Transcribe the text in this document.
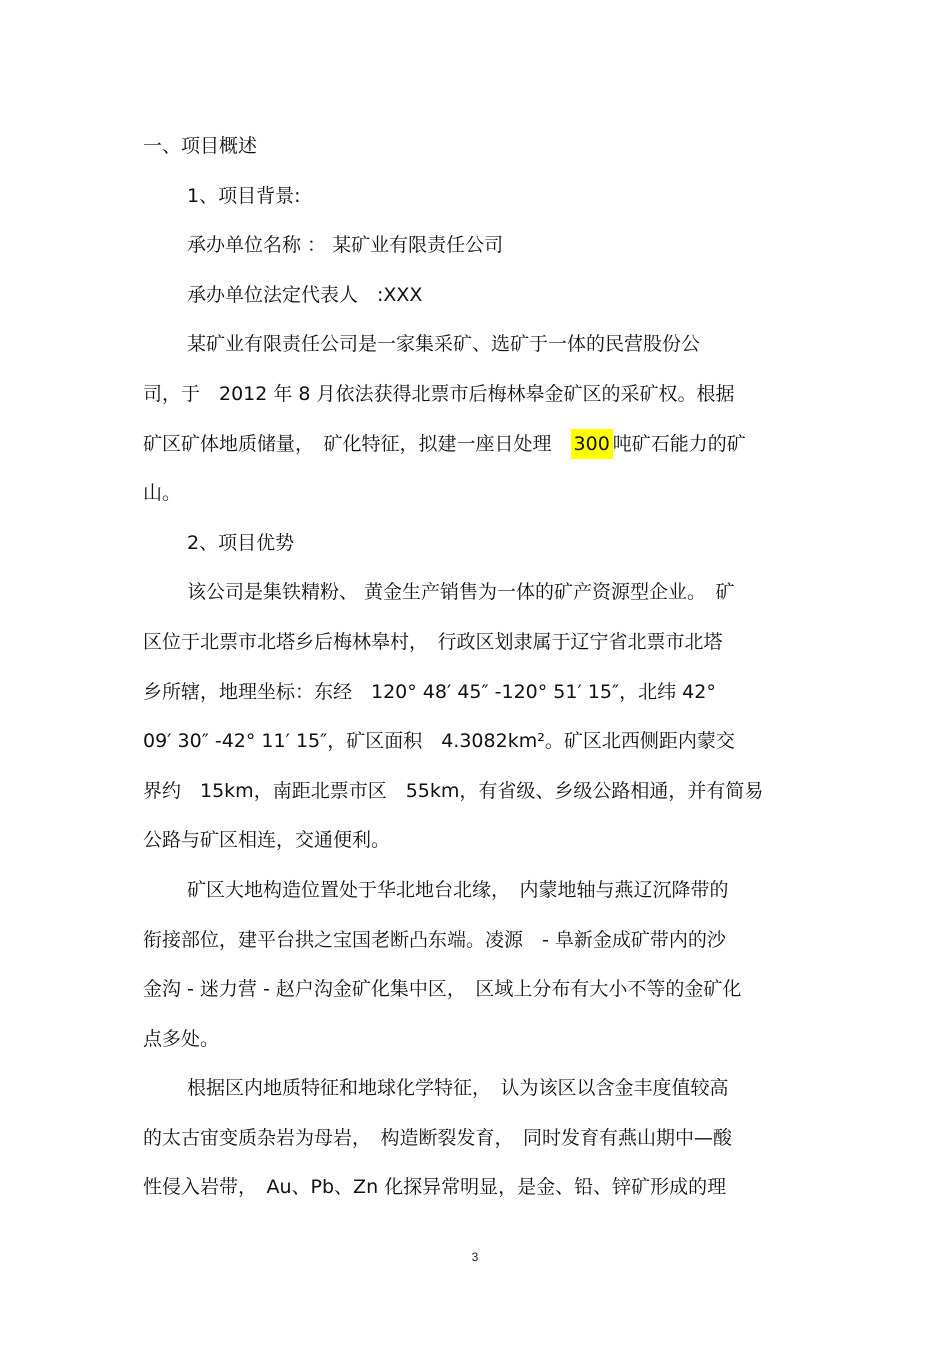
一、项目概述
1、项目背景:
承办单位名称 ： 某矿业有限责任公司
承办单位法定代表人　:XXX
某矿业有限责任公司是一家集采矿、选矿于一体的民营股份公
司，于　2012 年 8 月依法获得北票市后梅林皋金矿区的采矿权。根据
矿区矿体地质储量，　矿化特征，拟建一座日处理　300 吨矿石能力的矿
山。
2、项目优势
该公司是集铁精粉、 黄金生产销售为一体的矿产资源型企业。　矿
区位于北票市北塔乡后梅林皋村，　行政区划隶属于辽宁省北票市北塔
乡所辖，地理坐标：东经　120° 48′ 45″ -120° 51′ 15″，北纬 42°
09′ 30″ -42° 11′ 15″，矿区面积　4.3082km²。矿区北西侧距内蒙交
界约　15km，南距北票市区　55km，有省级、乡级公路相通，并有简易
公路与矿区相连，交通便利。
矿区大地构造位置处于华北地台北缘，　内蒙地轴与燕辽沉降带的
衔接部位，建平台拱之宝国老断凸东端。凌源　- 阜新金成矿带内的沙
金沟 - 迷力营 - 赵户沟金矿化集中区，　区域上分布有大小不等的金矿化
点多处。
根据区内地质特征和地球化学特征，　认为该区以含金丰度值较高
的太古宙变质杂岩为母岩，　构造断裂发育，　同时发育有燕山期中—酸
性侵入岩带，　Au、Pb、Zn 化探异常明显，是金、铅、锌矿形成的理
3
